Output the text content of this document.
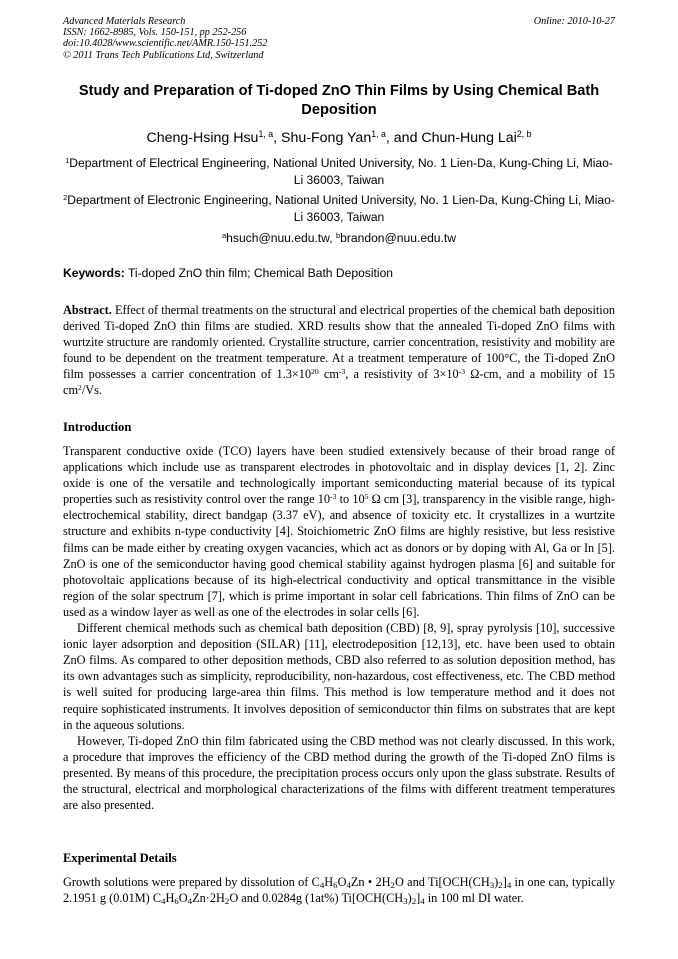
Advanced Materials Research
ISSN: 1662-8985, Vols. 150-151, pp 252-256
doi:10.4028/www.scientific.net/AMR.150-151.252
© 2011 Trans Tech Publications Ltd, Switzerland
Online: 2010-10-27
Study and Preparation of Ti-doped ZnO Thin Films by Using Chemical Bath Deposition
Cheng-Hsing Hsu$^{1, a}$, Shu-Fong Yan$^{1, a}$, and Chun-Hung Lai$^{2, b}$
$^1$Department of Electrical Engineering, National United University, No. 1 Lien-Da, Kung-Ching Li, Miao-Li 36003, Taiwan
$^2$Department of Electronic Engineering, National United University, No. 1 Lien-Da, Kung-Ching Li, Miao-Li 36003, Taiwan
$^a$hsuch@nuu.edu.tw, $^b$brandon@nuu.edu.tw
Keywords: Ti-doped ZnO thin film; Chemical Bath Deposition

Abstract. Effect of thermal treatments on the structural and electrical properties of the chemical bath deposition derived Ti-doped ZnO thin films are studied. XRD results show that the annealed Ti-doped ZnO films with wurtzite structure are randomly oriented. Crystallite structure, carrier concentration, resistivity and mobility are found to be dependent on the treatment temperature. At a treatment temperature of 100°C, the Ti-doped ZnO film possesses a carrier concentration of $1.3\times 10^{20}$ $cm^{-3}$, a resistivity of $3\times 10^{-3}$ Ω-cm, and a mobility of 15 $cm^2/Vs$.

Introduction

Transparent conductive oxide (TCO) layers have been studied extensively because of their broad range of applications which include use as transparent electrodes in photovoltaic and in display devices [1, 2]. Zinc oxide is one of the versatile and technologically important semiconducting material because of its typical properties such as resistivity control over the range $10^{-3}$ to $10^5$ Ω cm [3], transparency in the visible range, high-electrochemical stability, direct bandgap (3.37 eV), and absence of toxicity etc. It crystallizes in a wurtzite structure and exhibits n-type conductivity [4]. Stoichiometric ZnO films are highly resistive, but less resistive films can be made either by creating oxygen vacancies, which act as donors or by doping with Al, Ga or In [5]. ZnO is one of the semiconductor having good chemical stability against hydrogen plasma [6] and suitable for photovoltaic applications because of its high-electrical conductivity and optical transmittance in the visible region of the solar spectrum [7], which is prime important in solar cell fabrications. Thin films of ZnO can be used as a window layer as well as one of the electrodes in solar cells [6].

Different chemical methods such as chemical bath deposition (CBD) [8, 9], spray pyrolysis [10], successive ionic layer adsorption and deposition (SILAR) [11], electrodeposition [12,13], etc. have been used to obtain ZnO films. As compared to other deposition methods, CBD also referred to as solution deposition method, has its own advantages such as simplicity, reproducibility, non-hazardous, cost effectiveness, etc. The CBD method is well suited for producing large-area thin films. This method is low temperature method and it does not require sophisticated instruments. It involves deposition of semiconductor thin films on substrates that are kept in the aqueous solutions.

However, Ti-doped ZnO thin film fabricated using the CBD method was not clearly discussed. In this work, a procedure that improves the efficiency of the CBD method during the growth of the Ti-doped ZnO films is presented. By means of this procedure, the precipitation process occurs only upon the glass substrate. Results of the structural, electrical and morphological characterizations of the films with different treatment temperatures are also presented.

Experimental Details

Growth solutions were prepared by dissolution of $C_4H_6O_4Zn$ • $2H_2O$ and $Ti[OCH(CH_3)_2]_4$ in one can, typically 2.1951 g (0.01M) $C_4H_6O_4Zn\cdot 2H_2O$ and 0.0284g (1at%) $Ti[OCH(CH_3)_2]_4$ in 100 ml DI water.
